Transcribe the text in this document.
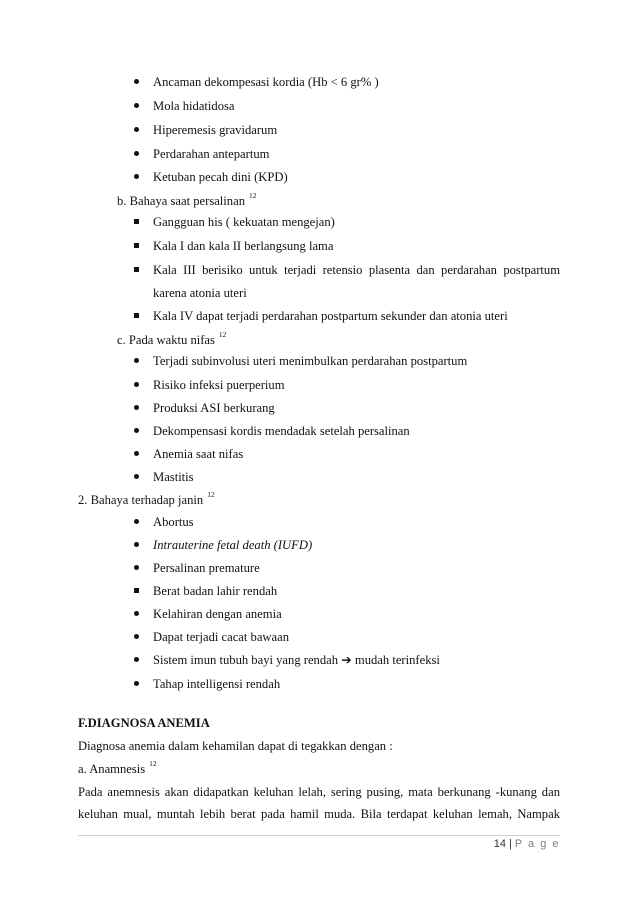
Ancaman dekompesasi kordia (Hb < 6 gr% )
Mola hidatidosa
Hiperemesis gravidarum
Perdarahan antepartum
Ketuban pecah dini (KPD)
b. Bahaya saat persalinan $^{12}$
Gangguan his ( kekuatan mengejan)
Kala I dan kala II berlangsung lama
Kala III berisiko untuk terjadi retensio plasenta dan perdarahan postpartum
karena atonia uteri
Kala IV dapat terjadi perdarahan postpartum sekunder dan atonia uteri
c. Pada waktu nifas $^{12}$
Terjadi subinvolusi uteri menimbulkan perdarahan postpartum
Risiko infeksi puerperium
Produksi ASI berkurang
Dekompensasi kordis mendadak setelah persalinan
Anemia saat nifas
Mastitis
2. Bahaya terhadap janin $^{12}$
Abortus
Intrauterine fetal death (IUFD)
Persalinan premature
Berat badan lahir rendah
Kelahiran dengan anemia
Dapat terjadi cacat bawaan
Sistem imun tubuh bayi yang rendah ➔ mudah terinfeksi
Tahap intelligensi rendah
F.DIAGNOSA ANEMIA
Diagnosa anemia dalam kehamilan dapat di tegakkan dengan :
a. Anamnesis $^{12}$
Pada anemnesis akan didapatkan keluhan lelah, sering pusing, mata berkunang -kunang dan
keluhan mual, muntah lebih berat pada hamil muda. Bila terdapat keluhan lemah, Nampak
14 | P a g e
